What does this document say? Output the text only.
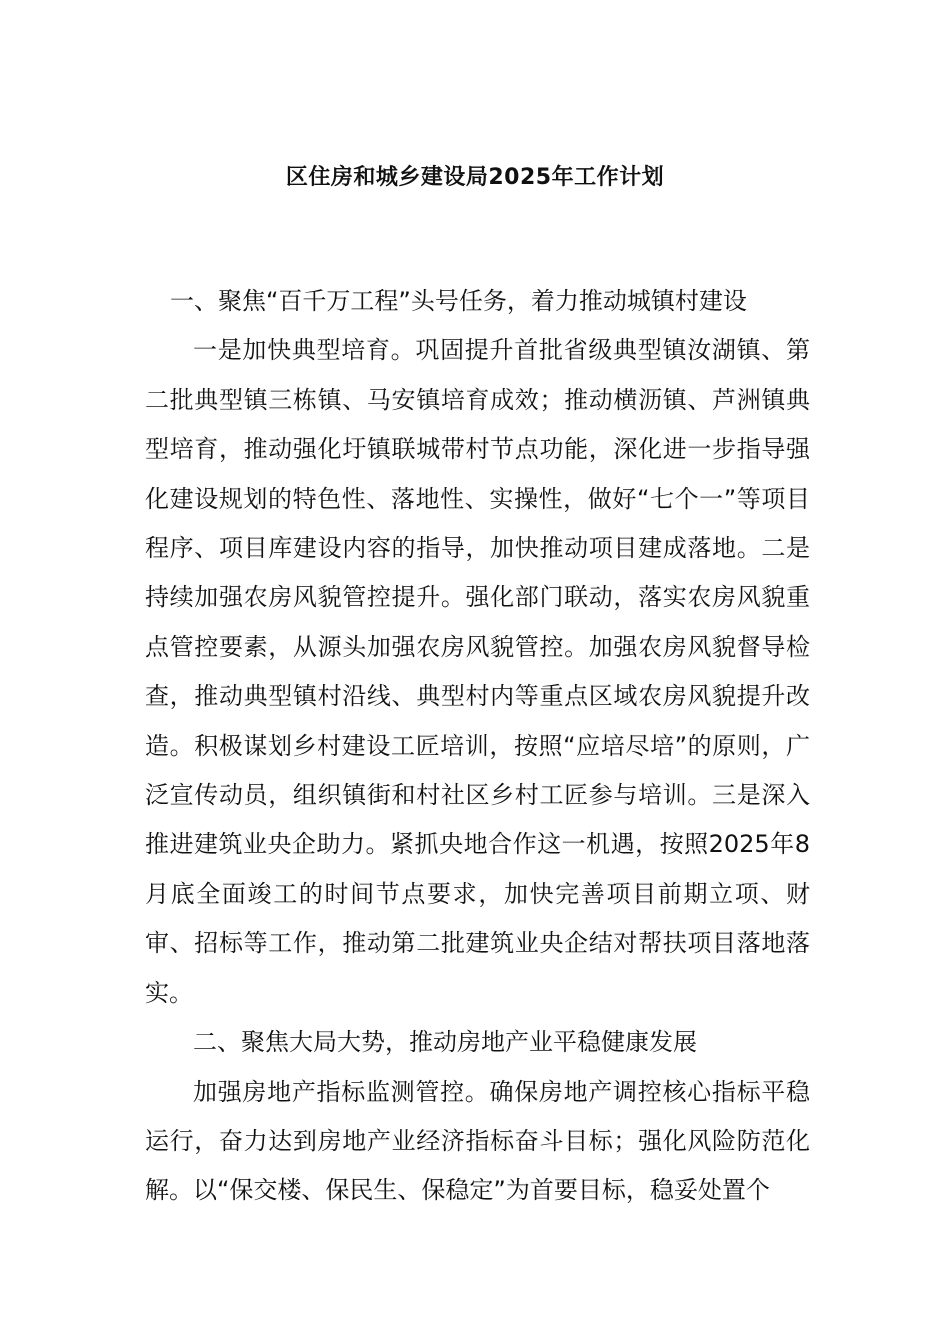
区住房和城乡建设局2025年工作计划

一、聚焦“百千万工程”头号任务，着力推动城镇村建设

一是加快典型培育。巩固提升首批省级典型镇汝湖镇、第二批典型镇三栋镇、马安镇培育成效；推动横沥镇、芦洲镇典型培育，推动强化圩镇联城带村节点功能，深化进一步指导强化建设规划的特色性、落地性、实操性，做好“七个一”等项目程序、项目库建设内容的指导，加快推动项目建成落地。二是持续加强农房风貌管控提升。强化部门联动，落实农房风貌重点管控要素，从源头加强农房风貌管控。加强农房风貌督导检查，推动典型镇村沿线、典型村内等重点区域农房风貌提升改造。积极谋划乡村建设工匠培训，按照“应培尽培”的原则，广泛宣传动员，组织镇街和村社区乡村工匠参与培训。三是深入推进建筑业央企助力。紧抓央地合作这一机遇，按照2025年8月底全面竣工的时间节点要求，加快完善项目前期立项、财审、招标等工作，推动第二批建筑业央企结对帮扶项目落地落实。

二、聚焦大局大势，推动房地产业平稳健康发展

加强房地产指标监测管控。确保房地产调控核心指标平稳运行，奋力达到房地产业经济指标奋斗目标；强化风险防范化解。以“保交楼、保民生、保稳定”为首要目标，稳妥处置个
